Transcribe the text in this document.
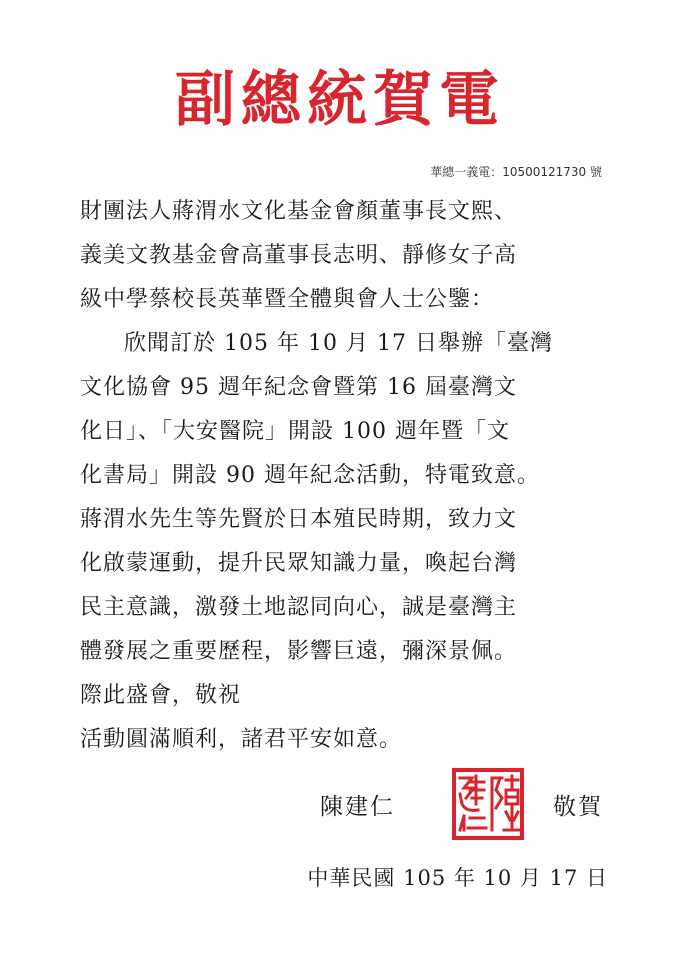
副總統賀電
華總一義電：10500121730 號
財團法人蔣渭水文化基金會顏董事長文熙、
義美文教基金會高董事長志明、靜修女子高
級中學蔡校長英華暨全體與會人士公鑒：
欣聞訂於 105 年 10 月 17 日舉辦「臺灣
文化協會 95 週年紀念會暨第 16 屆臺灣文
化日」、「大安醫院」開設 100 週年暨「文
化書局」開設 90 週年紀念活動，特電致意。
蔣渭水先生等先賢於日本殖民時期，致力文
化啟蒙運動，提升民眾知識力量，喚起台灣
民主意識，激發土地認同向心，誠是臺灣主
體發展之重要歷程，影響巨遠，彌深景佩。
際此盛會，敬祝
活動圓滿順利，諸君平安如意。
陳建仁	敬賀
中華民國 105 年 10 月 17 日
